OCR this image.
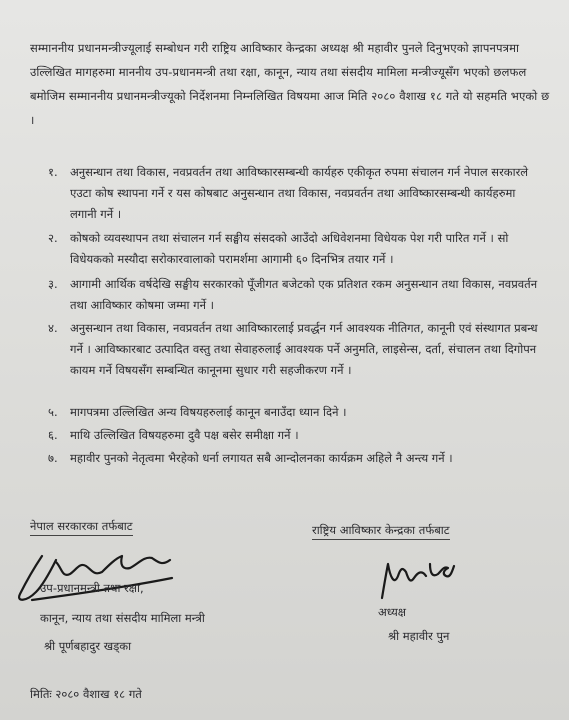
सम्माननीय प्रधानमन्त्रीज्यूलाई सम्बोधन गरी राष्ट्रिय आविष्कार केन्द्रका अध्यक्ष श्री महावीर पुनले दिनुभएको ज्ञापनपत्रमा उल्लिखित मागहरुमा माननीय उप-प्रधानमन्त्री तथा रक्षा, कानून, न्याय तथा संसदीय मामिला मन्त्रीज्यूसँग भएको छलफल बमोजिम सम्माननीय प्रधानमन्त्रीज्यूको निर्देशनमा निम्नलिखित विषयमा आज मिति २०८० वैशाख १८ गते यो सहमति भएको छ ।
१.	अनुसन्धान तथा विकास, नवप्रवर्तन तथा आविष्कारसम्बन्धी कार्यहरु एकीकृत रुपमा संचालन गर्न नेपाल सरकारले एउटा कोष स्थापना गर्ने र यस कोषबाट अनुसन्धान तथा विकास, नवप्रवर्तन तथा आविष्कारसम्बन्धी कार्यहरुमा लगानी गर्ने ।
२.	कोषको व्यवस्थापन तथा संचालन गर्न सङ्घीय संसदको आउँदो अधिवेशनमा विधेयक पेश गरी पारित गर्ने । सो विधेयकको मस्यौदा सरोकारवालाको परामर्शमा आगामी ६० दिनभित्र तयार गर्ने ।
३.	आगामी आर्थिक वर्षदेखि सङ्घीय सरकारको पूँजीगत बजेटको एक प्रतिशत रकम अनुसन्धान तथा विकास, नवप्रवर्तन तथा आविष्कार कोषमा जम्मा गर्ने ।
४.	अनुसन्धान तथा विकास, नवप्रवर्तन तथा आविष्कारलाई प्रवर्द्धन गर्न आवश्यक नीतिगत, कानूनी एवं संस्थागत प्रबन्ध गर्ने । आविष्कारबाट उत्पादित वस्तु तथा सेवाहरुलाई आवश्यक पर्ने अनुमति, लाइसेन्स, दर्ता, संचालन तथा दिगोपन कायम गर्ने विषयसँग सम्बन्धित कानूनमा सुधार गरी सहजीकरण गर्ने ।
५.	मागपत्रमा उल्लिखित अन्य विषयहरुलाई कानून बनाउँदा ध्यान दिने ।
६.	माथि उल्लिखित विषयहरुमा दुवै पक्ष बसेर समीक्षा गर्ने ।
७.	महावीर पुनको नेतृत्वमा भैरहेको धर्ना लगायत सबै आन्दोलनका कार्यक्रम अहिले नै अन्त्य गर्ने ।
नेपाल सरकारका तर्फबाट
उप-प्रधानमन्त्री तथा रक्षा,
कानून, न्याय तथा संसदीय मामिला मन्त्री
श्री पूर्णबहादुर खड्का
राष्ट्रिय आविष्कार केन्द्रका तर्फबाट
अध्यक्ष
श्री महावीर पुन
मितिः २०८० वैशाख १८ गते
